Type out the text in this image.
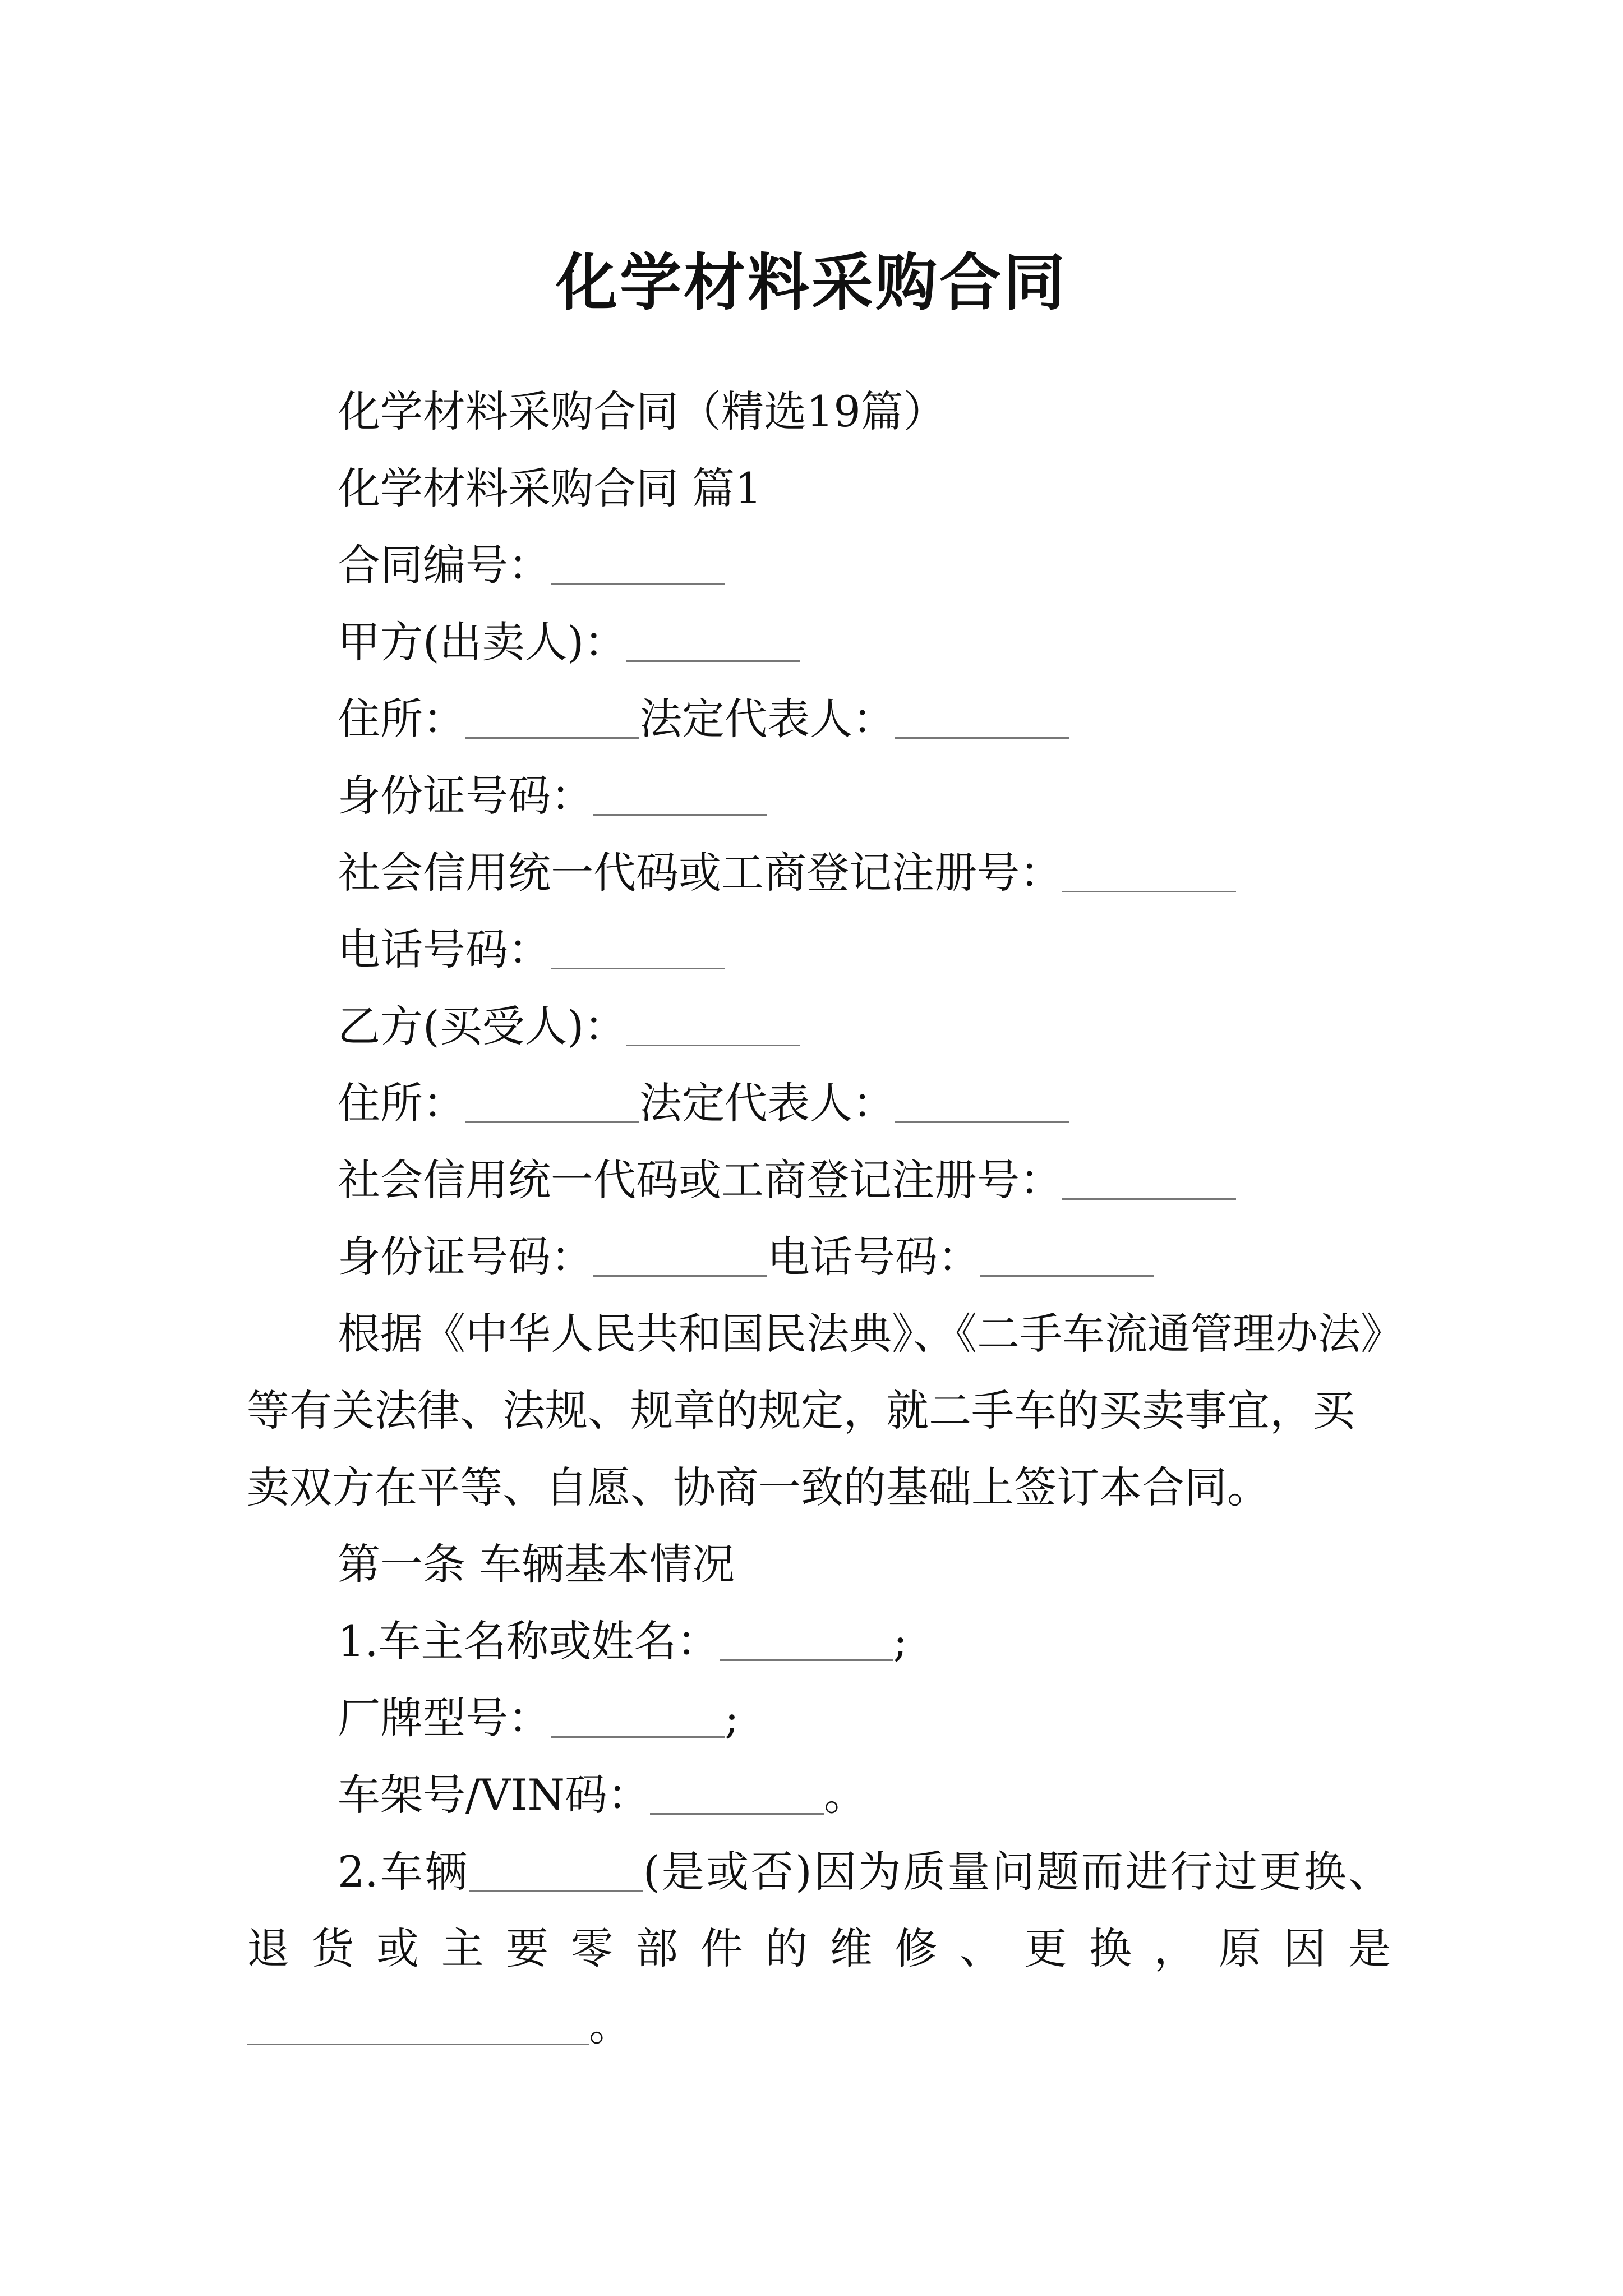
化学材料采购合同

化学材料采购合同（精选19篇）

化学材料采购合同 篇1

合同编号：

甲方(出卖人)：

住所：	法定代表人：

身份证号码：

社会信用统一代码或工商登记注册号：

电话号码：

乙方(买受人)：

住所：	法定代表人：

社会信用统一代码或工商登记注册号：

身份证号码：	电话号码：

根据《中华人民共和国民法典》、《二手车流通管理办法》等有关法律、法规、规章的规定，就二手车的买卖事宜，买卖双方在平等、自愿、协商一致的基础上签订本合同。

第一条 车辆基本情况

1.车主名称或姓名：	;

厂牌型号：	;

车架号/VIN码：	。

2.车辆	(是或否)因为质量问题而进行过更换、退货或主要零部件的维修、更换，原因是

。
